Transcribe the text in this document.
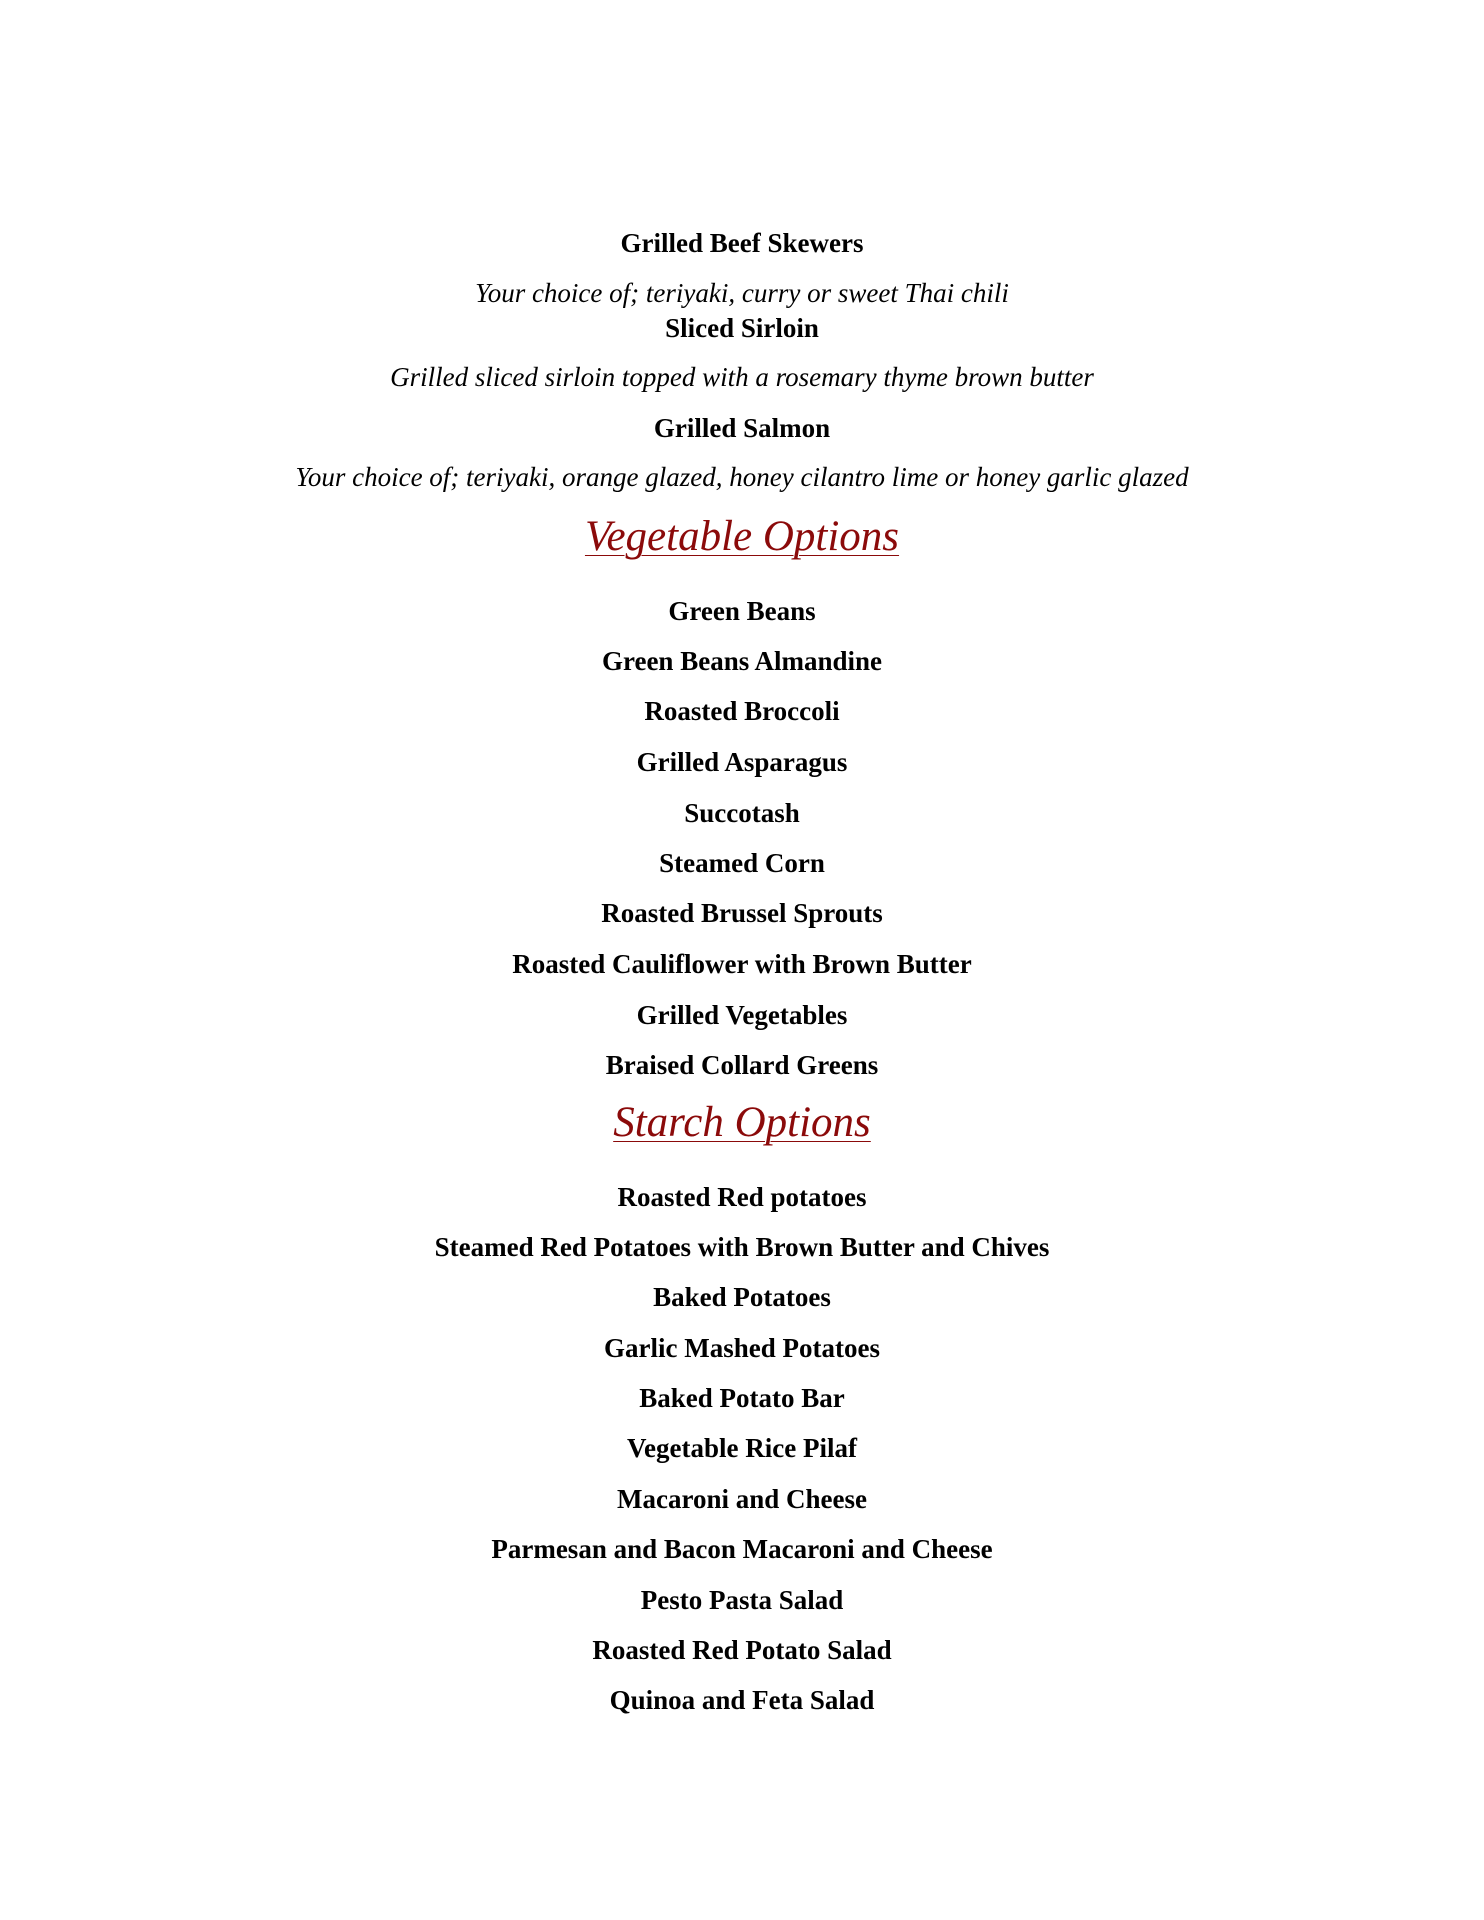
Grilled Beef Skewers
Your choice of; teriyaki, curry or sweet Thai chili
Sliced Sirloin
Grilled sliced sirloin topped with a rosemary thyme brown butter
Grilled Salmon
Your choice of; teriyaki, orange glazed, honey cilantro lime or honey garlic glazed
Vegetable Options
Green Beans
Green Beans Almandine
Roasted Broccoli
Grilled Asparagus
Succotash
Steamed Corn
Roasted Brussel Sprouts
Roasted Cauliflower with Brown Butter
Grilled Vegetables
Braised Collard Greens
Starch Options
Roasted Red potatoes
Steamed Red Potatoes with Brown Butter and Chives
Baked Potatoes
Garlic Mashed Potatoes
Baked Potato Bar
Vegetable Rice Pilaf
Macaroni and Cheese
Parmesan and Bacon Macaroni and Cheese
Pesto Pasta Salad
Roasted Red Potato Salad
Quinoa and Feta Salad
